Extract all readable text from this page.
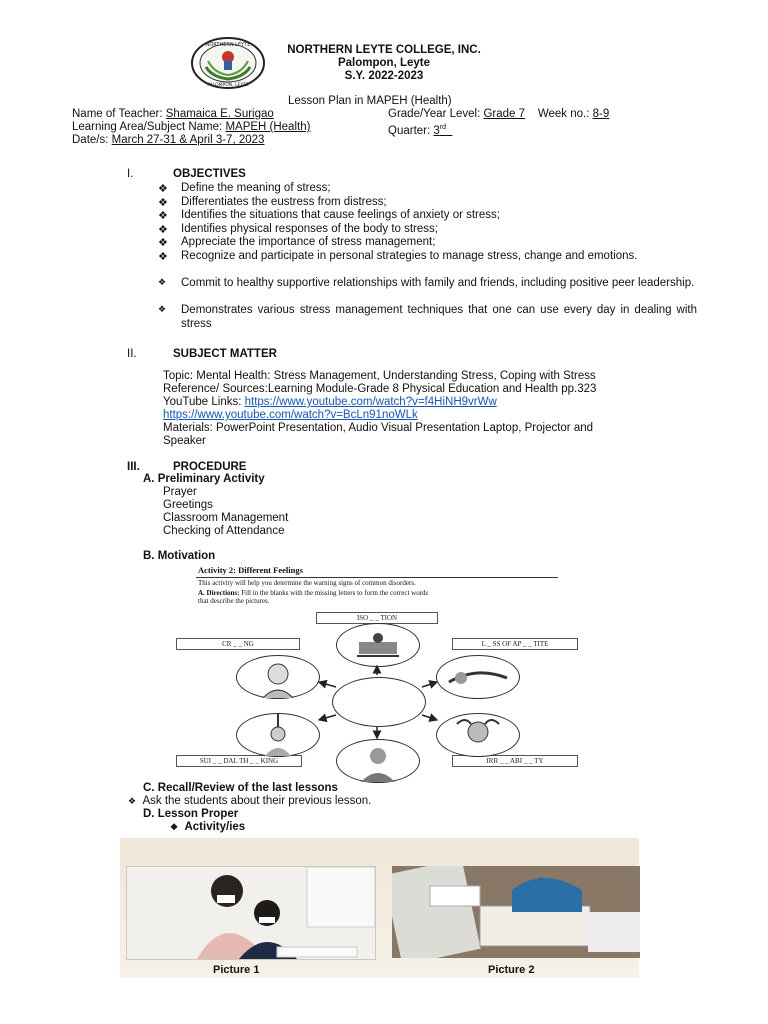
NORTHERN LEYTE
PALOMPON, LEYTE
NORTHERN LEYTE COLLEGE, INC.
Palompon, Leyte
S.Y. 2022-2023
Lesson Plan in MAPEH (Health)
Name of Teacher: Shamaica E. Surigao	Grade/Year Level: Grade 7 Week no.: 8-9
Learning Area/Subject Name: MAPEH (Health)	Quarter: 3rd
Date/s: March 27-31 & April 3-7, 2023
I.	OBJECTIVES
❖ Define the meaning of stress;
❖ Differentiates the eustress from distress;
❖ Identifies the situations that cause feelings of anxiety or stress;
❖ Identifies physical responses of the body to stress;
❖ Appreciate the importance of stress management;
❖ Recognize and participate in personal strategies to manage stress, change and emotions.
❖ Commit to healthy supportive relationships with family and friends, including positive peer leadership.
❖ Demonstrates various stress management techniques that one can use every day in dealing with stress
II.	SUBJECT MATTER
Topic: Mental Health: Stress Management, Understanding Stress, Coping with Stress
Reference/ Sources:Learning Module-Grade 8 Physical Education and Health pp.323
YouTube Links: https://www.youtube.com/watch?v=f4HiNH9vrWw
https://www.youtube.com/watch?v=BcLn91noWLk
Materials: PowerPoint Presentation, Audio Visual Presentation Laptop, Projector and
Speaker
III.	PROCEDURE
A. Preliminary Activity
Prayer
Greetings
Classroom Management
Checking of Attendance
B. Motivation
Activity 2: Different Feelings
This activity will help you determine the warning signs of common disorders.
A. Directions: Fill in the blanks with the missing letters to form the correct words
that describe the pictures.
ISO _ _ TION
CR _ _ NG	L _ SS OF AP _ _ TITE
SUI _ _ DAL TH _ _ KING	IRR _ _ ABI _ _ TY
C. Recall/Review of the last lessons
❖ Ask the students about their previous lesson.
D. Lesson Proper
❖ Activity/ies
Picture 1	Picture 2
